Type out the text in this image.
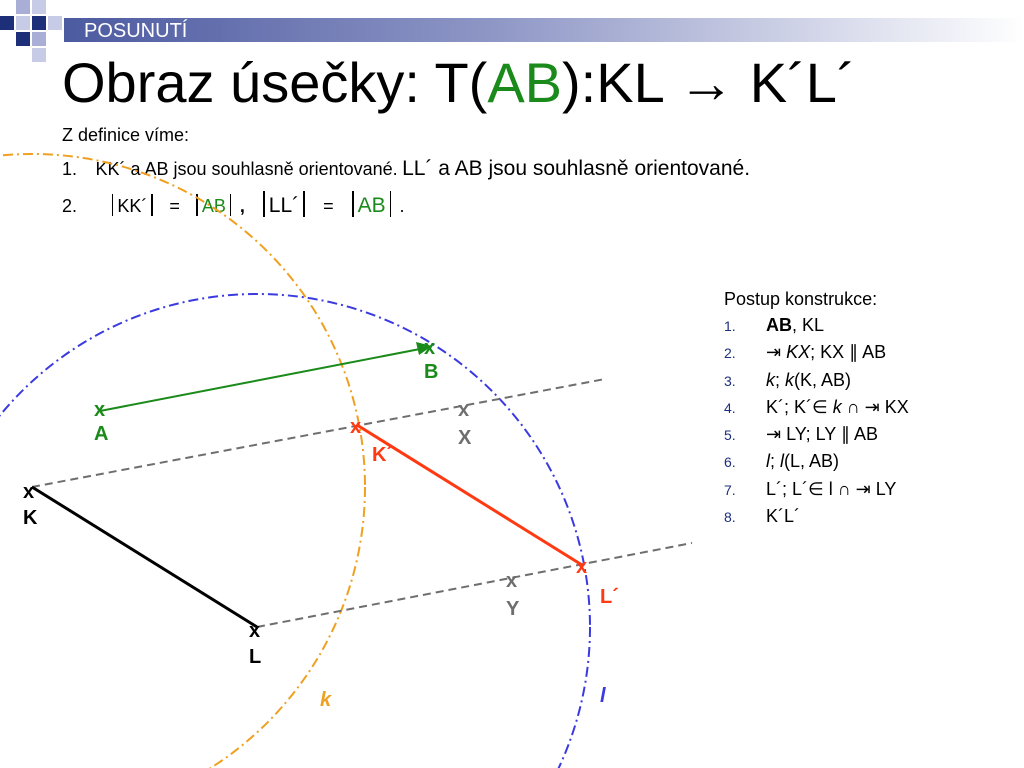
POSUNUTÍ
Obraz úsečky: T(AB):KL → K´L´
Z definice víme:
1. KK´ a AB jsou souhlasně orientované. LL´ a AB jsou souhlasně orientované.
2. KK´ = AB , LL´ = AB .
x
A
x
B
x
K
x
L
x
X
x
Y
x
K´
x
L´
k	l
Postup konstrukce:
1. AB, KL
2. ⇥ KX; KX ∥ AB
3. k; k(K, AB)
4. K´; K´∈ k ∩ ⇥ KX
5. ⇥ LY; LY ∥ AB
6. l; l(L, AB)
7. L´; L´∈ l ∩ ⇥ LY
8. K´L´
